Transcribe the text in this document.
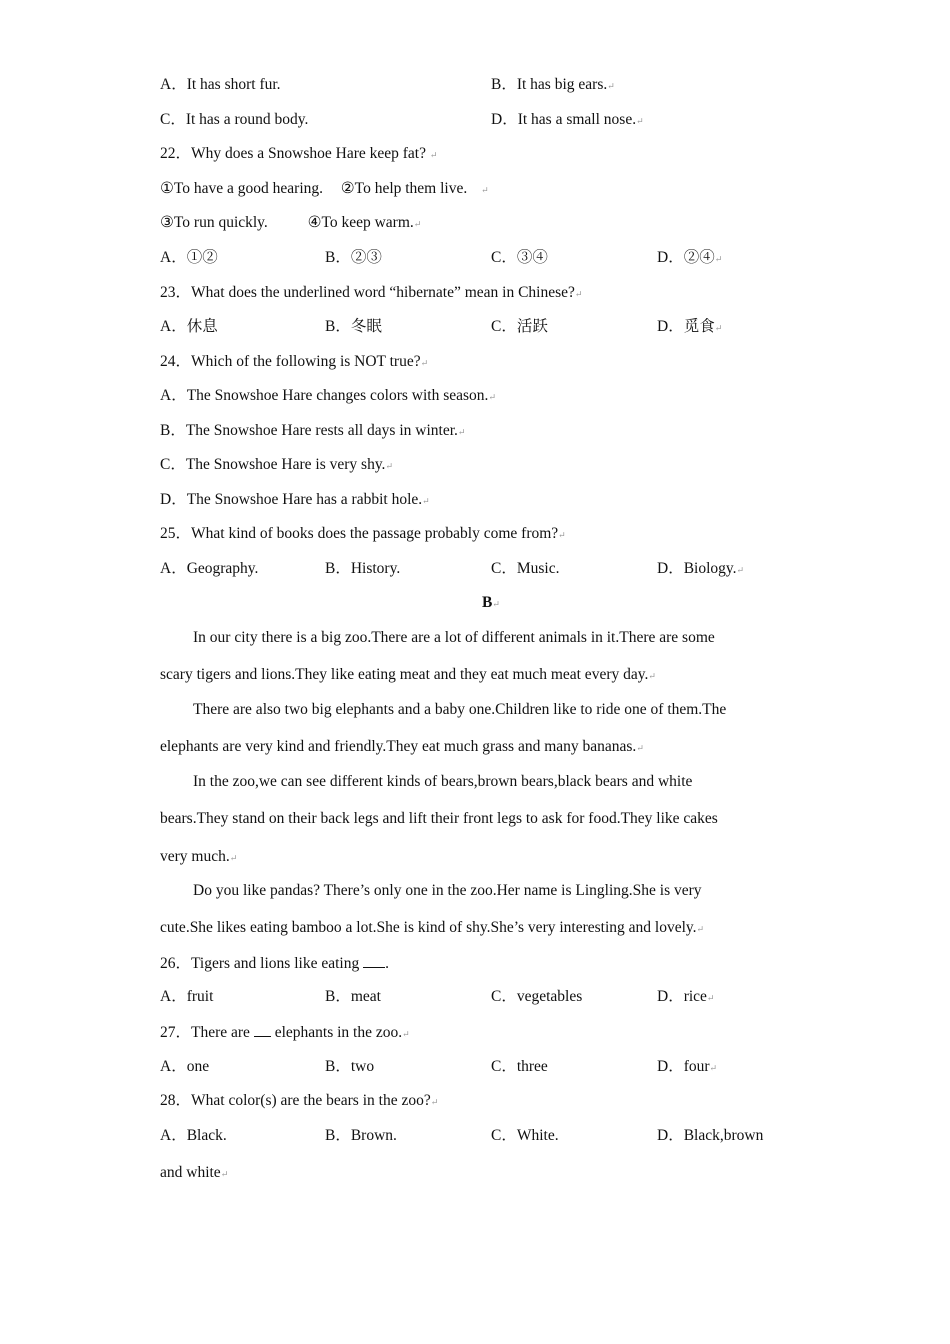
A．It has short fur.	B．It has big ears.↵
C．It has a round body.	D．It has a small nose.↵
22．Why does a Snowshoe Hare keep fat? ↵
①To have a good hearing. ②To help them live. ↵
③To run quickly.	④To keep warm.↵
A．①②	B．②③	C．③④	D．②④↵
23．What does the underlined word “hibernate” mean in Chinese?↵
A．休息	B．冬眠	C．活跃	D．觅食↵
24．Which of the following is NOT true?↵
A．The Snowshoe Hare changes colors with season.↵
B．The Snowshoe Hare rests all days in winter.↵
C．The Snowshoe Hare is very shy.↵
D．The Snowshoe Hare has a rabbit hole.↵
25．What kind of books does the passage probably come from?↵
A．Geography.	B．History.	C．Music.	D．Biology.↵
B↵
In our city there is a big zoo.There are a lot of different animals in it.There are some
scary tigers and lions.They like eating meat and they eat much meat every day.↵
There are also two big elephants and a baby one.Children like to ride one of them.The
elephants are very kind and friendly.They eat much grass and many bananas.↵
In the zoo,we can see different kinds of bears,brown bears,black bears and white
bears.They stand on their back legs and lift their front legs to ask for food.They like cakes
very much.↵
Do you like pandas? There’s only one in the zoo.Her name is Lingling.She is very
cute.She likes eating bamboo a lot.She is kind of shy.She’s very interesting and lovely.↵
26．Tigers and lions like eating .
A．fruit	B．meat	C．vegetables	D．rice↵
27．There are  elephants in the zoo.↵
A．one	B．two	C．three	D．four↵
28．What color(s) are the bears in the zoo?↵
A．Black.	B．Brown.	C．White.	D．Black,brown
and white↵
